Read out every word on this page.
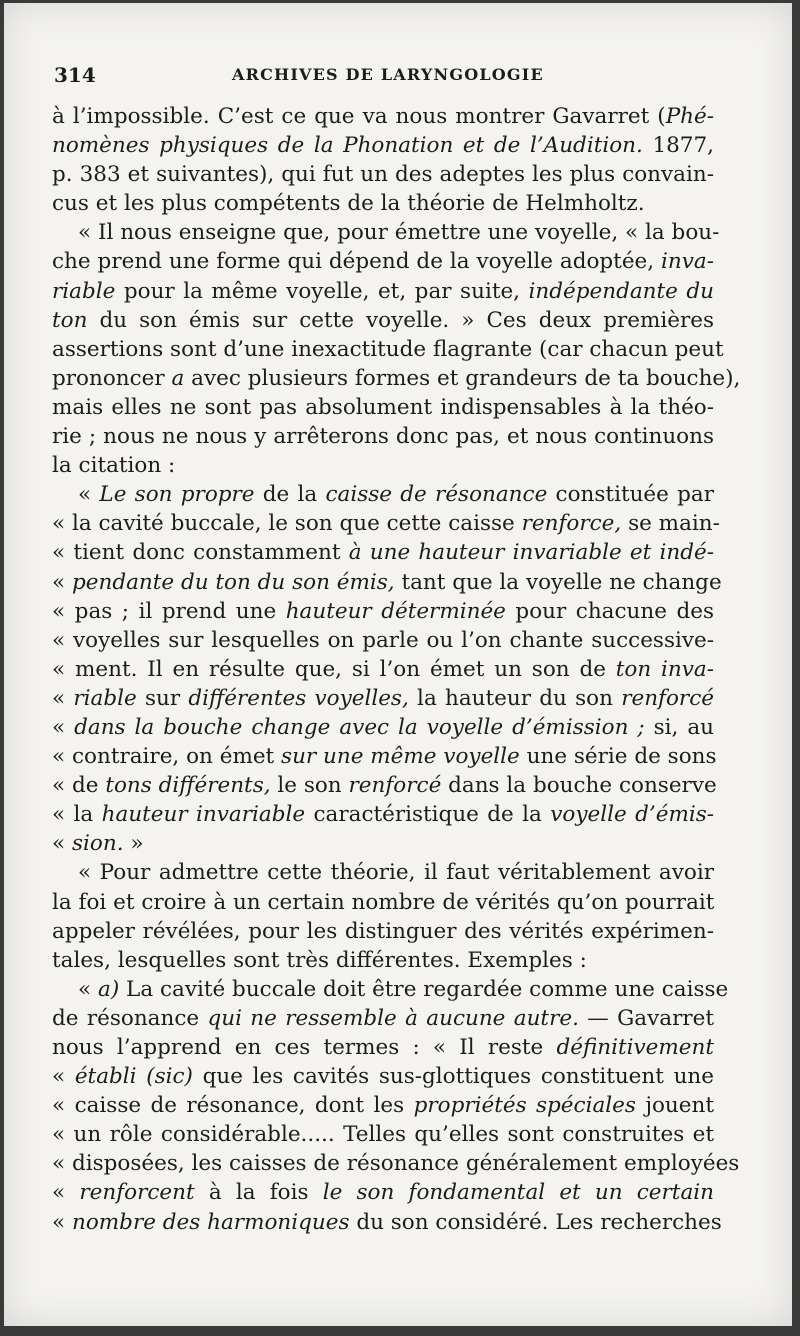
314	ARCHIVES DE LARYNGOLOGIE
à l’impossible. C’est ce que va nous montrer Gavarret (Phé-
nomènes physiques de la Phonation et de l’Audition. 1877,
p. 383 et suivantes), qui fut un des adeptes les plus convain-
cus et les plus compétents de la théorie de Helmholtz.
« Il nous enseigne que, pour émettre une voyelle, « la bou-
che prend une forme qui dépend de la voyelle adoptée, inva-
riable pour la même voyelle, et, par suite, indépendante du
ton du son émis sur cette voyelle. » Ces deux premières
assertions sont d’une inexactitude flagrante (car chacun peut
prononcer a avec plusieurs formes et grandeurs de ta bouche),
mais elles ne sont pas absolument indispensables à la théo-
rie ; nous ne nous y arrêterons donc pas, et nous continuons
la citation :
« Le son propre de la caisse de résonance constituée par
« la cavité buccale, le son que cette caisse renforce, se main-
« tient donc constamment à une hauteur invariable et indé-
« pendante du ton du son émis, tant que la voyelle ne change
« pas ; il prend une hauteur déterminée pour chacune des
« voyelles sur lesquelles on parle ou l’on chante successive-
« ment. Il en résulte que, si l’on émet un son de ton inva-
« riable sur différentes voyelles, la hauteur du son renforcé
« dans la bouche change avec la voyelle d’émission ; si, au
« contraire, on émet sur une même voyelle une série de sons
« de tons différents, le son renforcé dans la bouche conserve
« la hauteur invariable caractéristique de la voyelle d’émis-
« sion. »
« Pour admettre cette théorie, il faut véritablement avoir
la foi et croire à un certain nombre de vérités qu’on pourrait
appeler révélées, pour les distinguer des vérités expérimen-
tales, lesquelles sont très différentes. Exemples :
« a) La cavité buccale doit être regardée comme une caisse
de résonance qui ne ressemble à aucune autre. — Gavarret
nous l’apprend en ces termes : « Il reste définitivement
« établi (sic) que les cavités sus-glottiques constituent une
« caisse de résonance, dont les propriétés spéciales jouent
« un rôle considérable..... Telles qu’elles sont construites et
« disposées, les caisses de résonance généralement employées
« renforcent à la fois le son fondamental et un certain
« nombre des harmoniques du son considéré. Les recherches
